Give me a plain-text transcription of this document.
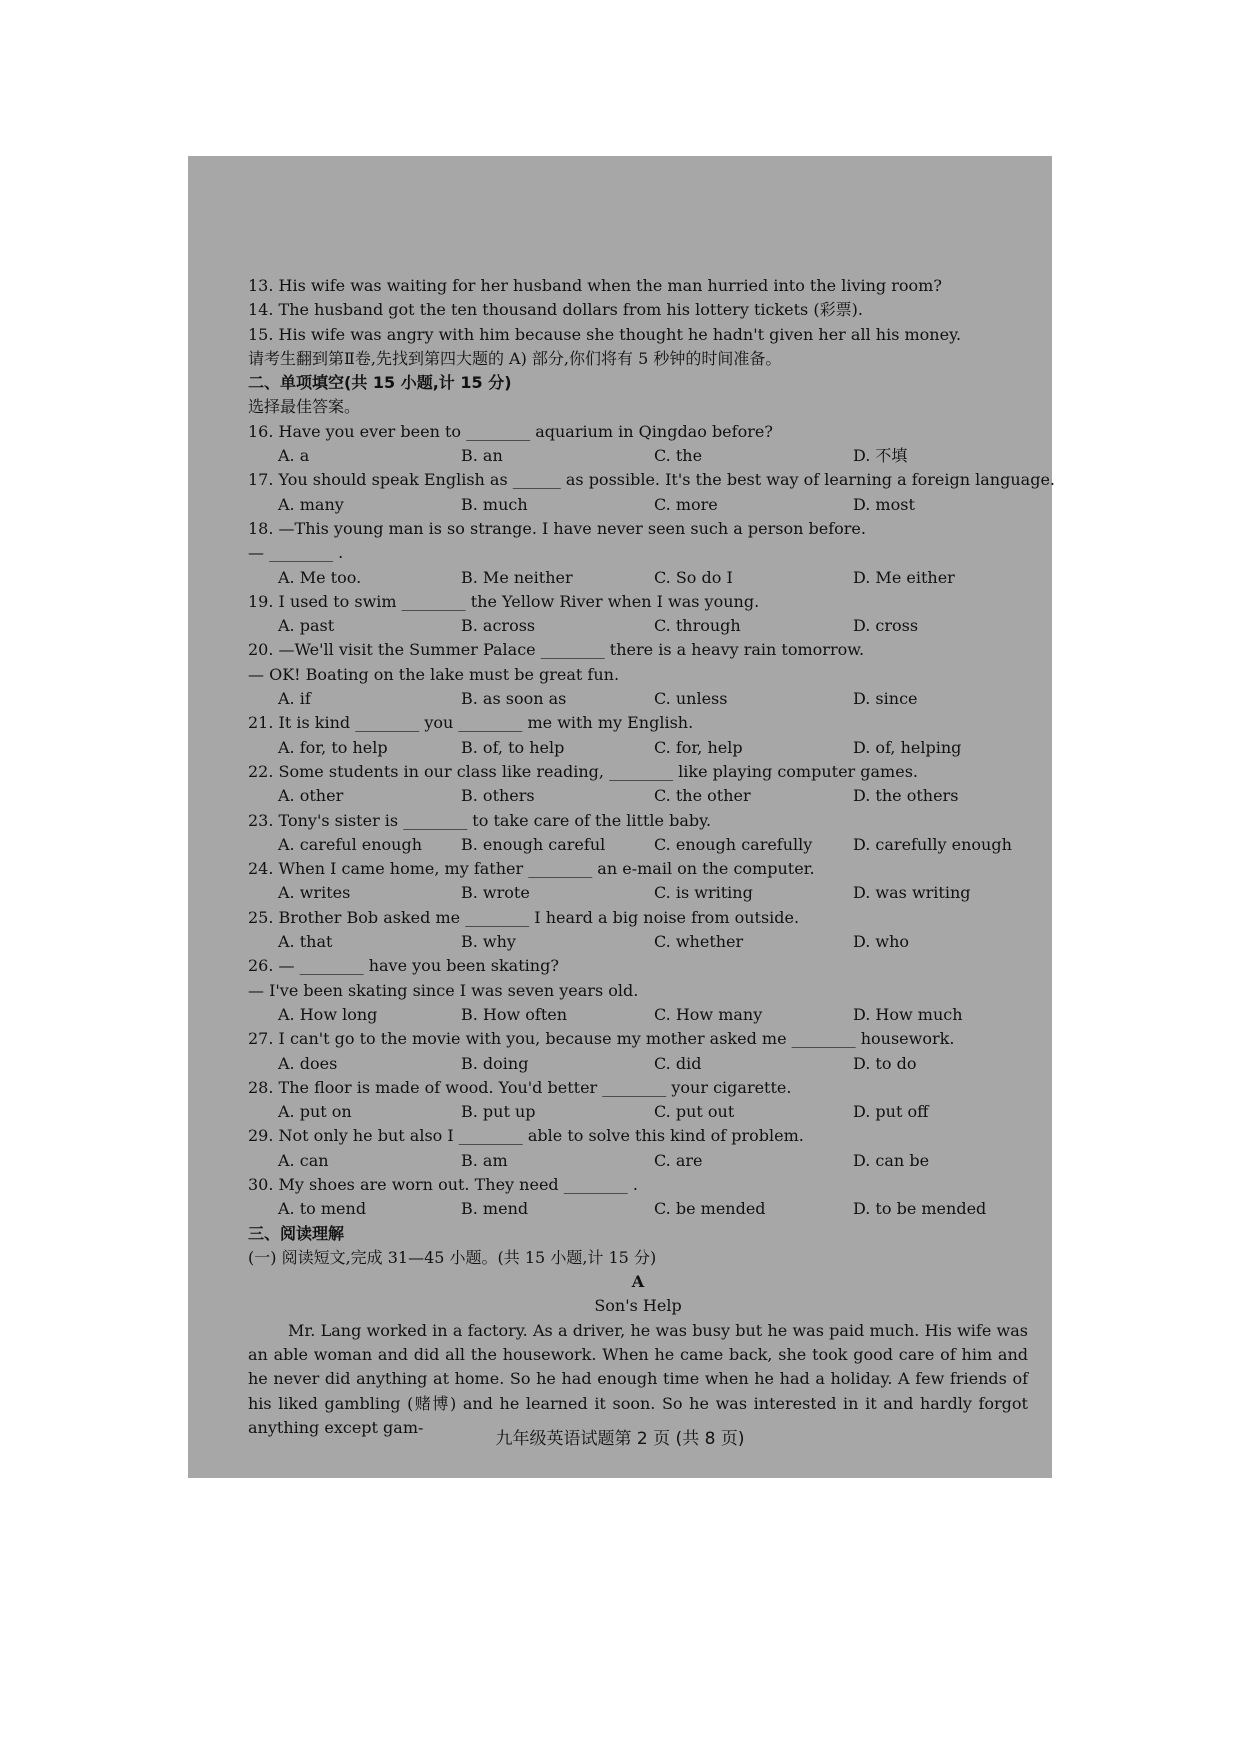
13. His wife was waiting for her husband when the man hurried into the living room?
14. The husband got the ten thousand dollars from his lottery tickets (彩票).
15. His wife was angry with him because she thought he hadn't given her all his money.
请考生翻到第Ⅱ卷,先找到第四大题的 A) 部分,你们将有 5 秒钟的时间准备。
二、单项填空(共 15 小题,计 15 分)
选择最佳答案。
16. Have you ever been to ________ aquarium in Qingdao before?
A. a	B. an	C. the	D. 不填
17. You should speak English as ______ as possible. It's the best way of learning a foreign language.
A. many	B. much	C. more	D. most
18. —This young man is so strange. I have never seen such a person before.
— ________ .
A. Me too.	B. Me neither	C. So do I	D. Me either
19. I used to swim ________ the Yellow River when I was young.
A. past	B. across	C. through	D. cross
20. —We'll visit the Summer Palace ________ there is a heavy rain tomorrow.
— OK! Boating on the lake must be great fun.
A. if	B. as soon as	C. unless	D. since
21. It is kind ________ you ________ me with my English.
A. for, to help	B. of, to help	C. for, help	D. of, helping
22. Some students in our class like reading, ________ like playing computer games.
A. other	B. others	C. the other	D. the others
23. Tony's sister is ________ to take care of the little baby.
A. careful enough	B. enough careful	C. enough carefully	D. carefully enough
24. When I came home, my father ________ an e-mail on the computer.
A. writes	B. wrote	C. is writing	D. was writing
25. Brother Bob asked me ________ I heard a big noise from outside.
A. that	B. why	C. whether	D. who
26. — ________ have you been skating?
— I've been skating since I was seven years old.
A. How long	B. How often	C. How many	D. How much
27. I can't go to the movie with you, because my mother asked me ________ housework.
A. does	B. doing	C. did	D. to do
28. The floor is made of wood. You'd better ________ your cigarette.
A. put on	B. put up	C. put out	D. put off
29. Not only he but also I ________ able to solve this kind of problem.
A. can	B. am	C. are	D. can be
30. My shoes are worn out. They need ________ .
A. to mend	B. mend	C. be mended	D. to be mended
三、阅读理解
(一) 阅读短文,完成 31—45 小题。(共 15 小题,计 15 分)
A
Son's Help
Mr. Lang worked in a factory. As a driver, he was busy but he was paid much. His wife was an able woman and did all the housework. When he came back, she took good care of him and he never did anything at home. So he had enough time when he had a holiday. A few friends of his liked gambling (赌博) and he learned it soon. So he was interested in it and hardly forgot anything except gam-
九年级英语试题第 2 页 (共 8 页)
